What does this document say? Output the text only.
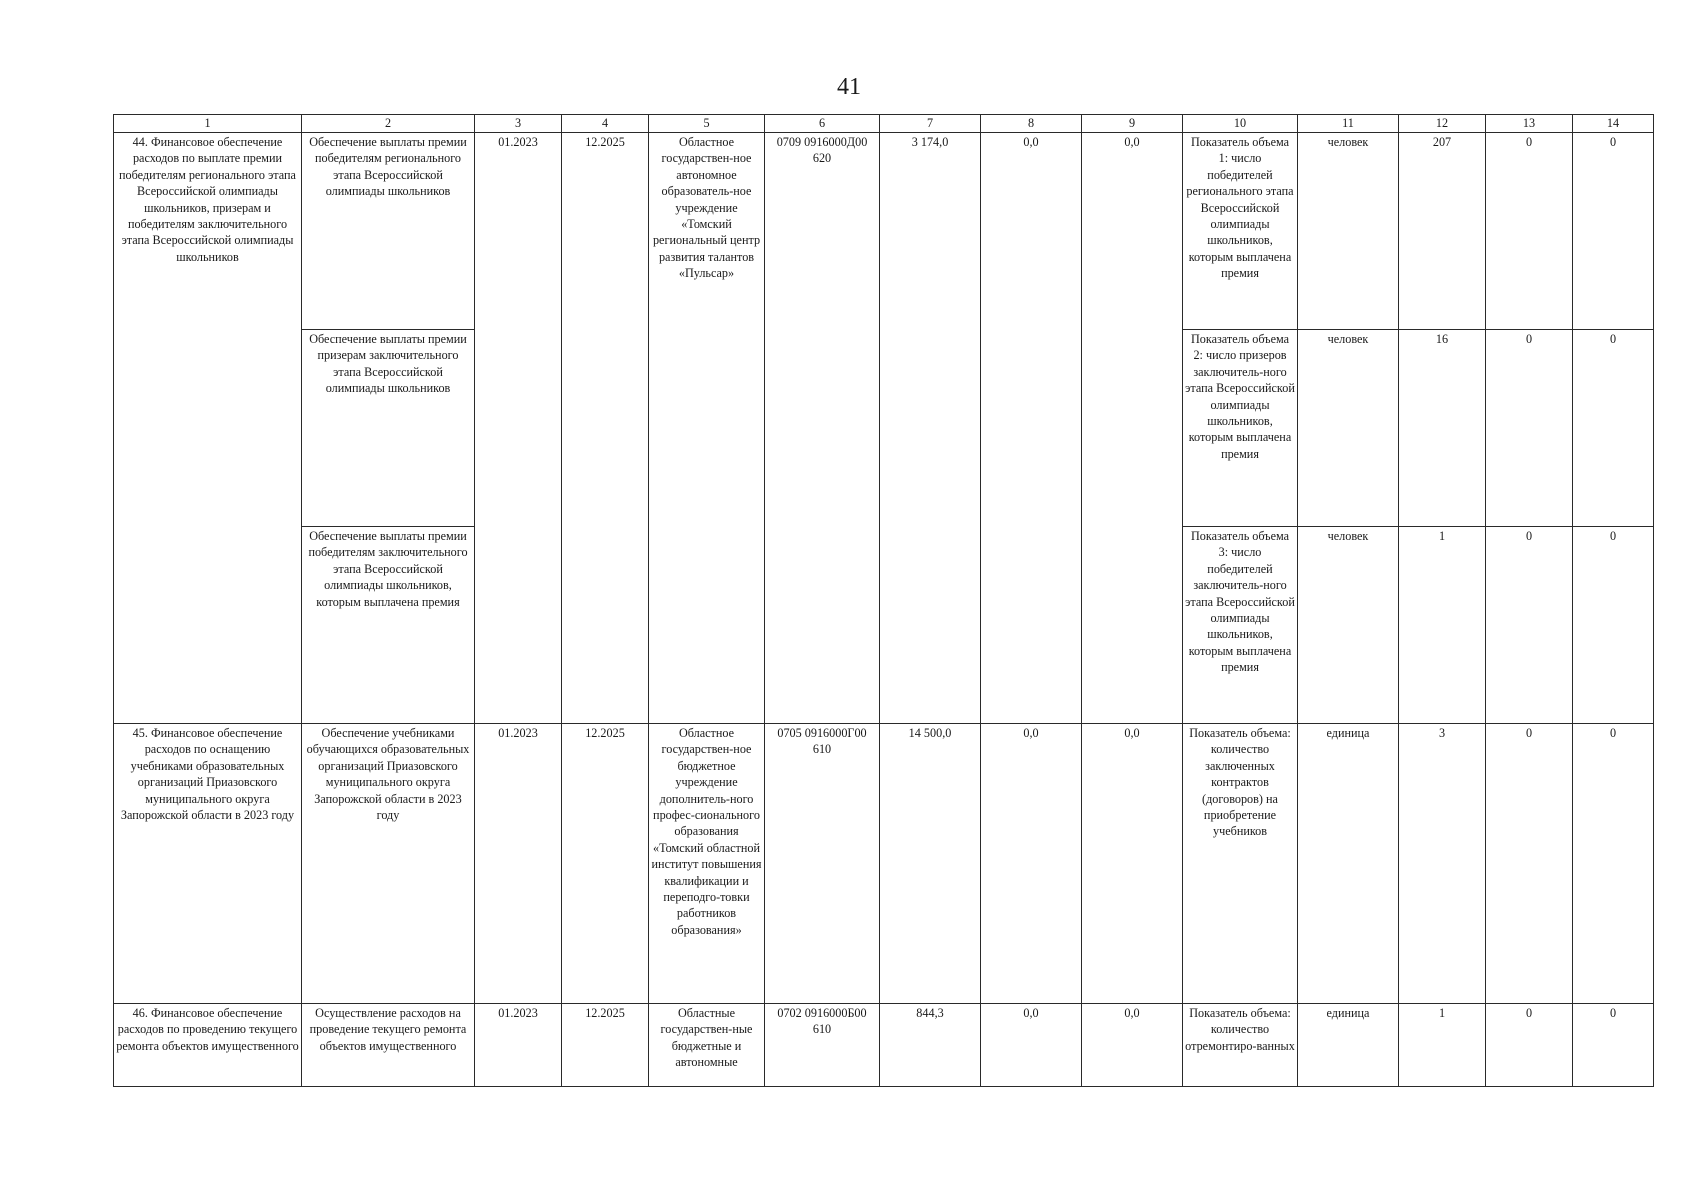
41
1	2	3	4	5	6	7	8	9	10	11	12	13	14
44. Финансовое обеспечение расходов по выплате премии победителям регионального этапа Всероссийской олимпиады школьников, призерам и победителям заключительного этапа Всероссийской олимпиады школьников	Обеспечение выплаты премии победителям регионального этапа Всероссийской олимпиады школьников	01.2023	12.2025	Областное государствен-ное автономное образователь-ное учреждение «Томский региональный центр развития талантов «Пульсар»	0709 0916000Д00 620	3 174,0	0,0	0,0	Показатель объема 1: число победителей регионального этапа Всероссийской олимпиады школьников, которым выплачена премия	человек	207	0	0
	Обеспечение выплаты премии призерам заключительного этапа Всероссийской олимпиады школьников								Показатель объема 2: число призеров заключитель-ного этапа Всероссийской олимпиады школьников, которым выплачена премия	человек	16	0	0
	Обеспечение выплаты премии победителям заключительного этапа Всероссийской олимпиады школьников, которым выплачена премия								Показатель объема 3: число победителей заключитель-ного этапа Всероссийской олимпиады школьников, которым выплачена премия	человек	1	0	0
45. Финансовое обеспечение расходов по оснащению учебниками образовательных организаций Приазовского муниципального округа Запорожской области в 2023 году	Обеспечение учебниками обучающихся образовательных организаций Приазовского муниципального округа Запорожской области в 2023 году	01.2023	12.2025	Областное государствен-ное бюджетное учреждение дополнитель-ного профес-сионального образования «Томский областной институт повышения квалификации и переподго-товки работников образования»	0705 0916000Г00 610	14 500,0	0,0	0,0	Показатель объема: количество заключенных контрактов (договоров) на приобретение учебников	единица	3	0	0
46. Финансовое обеспечение расходов по проведению текущего ремонта объектов имущественного	Осуществление расходов на проведение текущего ремонта объектов имущественного	01.2023	12.2025	Областные государствен-ные бюджетные и автономные	0702 0916000Б00 610	844,3	0,0	0,0	Показатель объема: количество отремонтиро-ванных	единица	1	0	0
